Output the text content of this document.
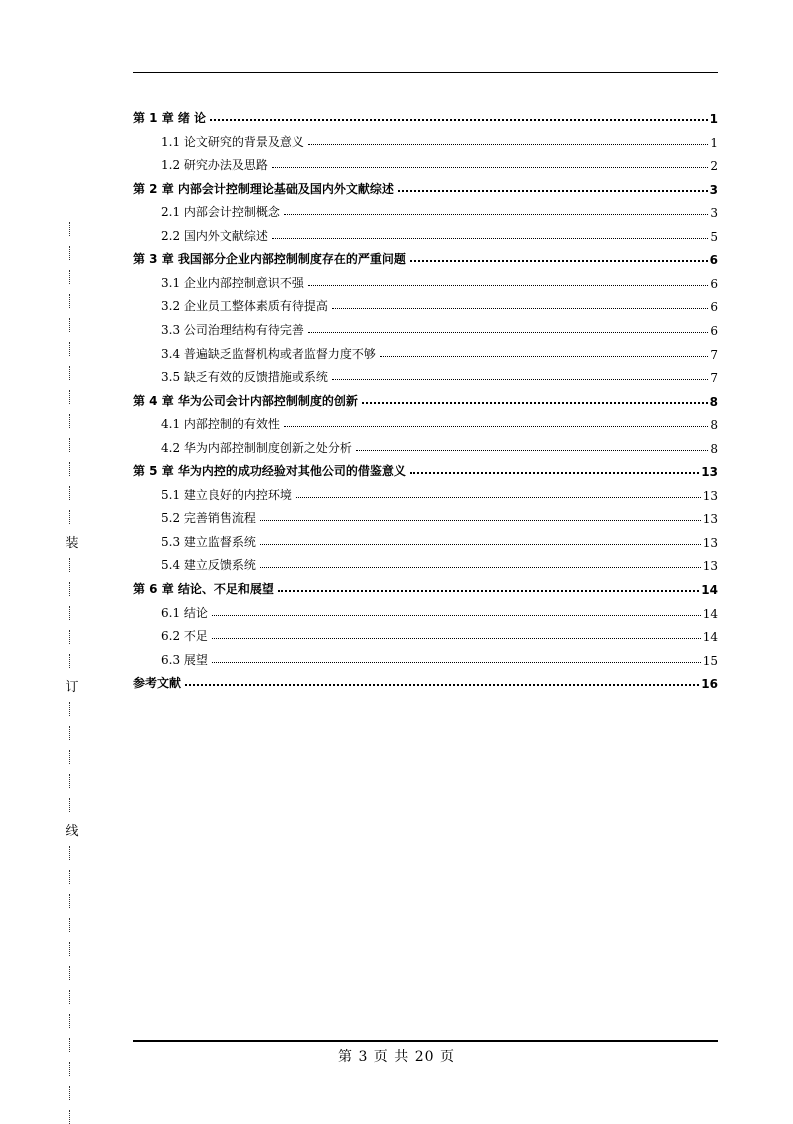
装
订
线
第 1 章 绪 论	1
1.1 论文研究的背景及意义	1
1.2 研究办法及思路	2
第 2 章 内部会计控制理论基础及国内外文献综述	3
2.1 内部会计控制概念	3
2.2 国内外文献综述	5
第 3 章 我国部分企业内部控制制度存在的严重问题	6
3.1 企业内部控制意识不强	6
3.2 企业员工整体素质有待提高	6
3.3 公司治理结构有待完善	6
3.4 普遍缺乏监督机构或者监督力度不够	7
3.5 缺乏有效的反馈措施或系统	7
第 4 章 华为公司会计内部控制制度的创新	8
4.1 内部控制的有效性	8
4.2 华为内部控制制度创新之处分析	8
第 5 章 华为内控的成功经验对其他公司的借鉴意义	13
5.1 建立良好的内控环境	13
5.2 完善销售流程	13
5.3 建立监督系统	13
5.4 建立反馈系统	13
第 6 章 结论、不足和展望	14
6.1 结论	14
6.2 不足	14
6.3 展望	15
参考文献	16
第 3 页 共 20 页
